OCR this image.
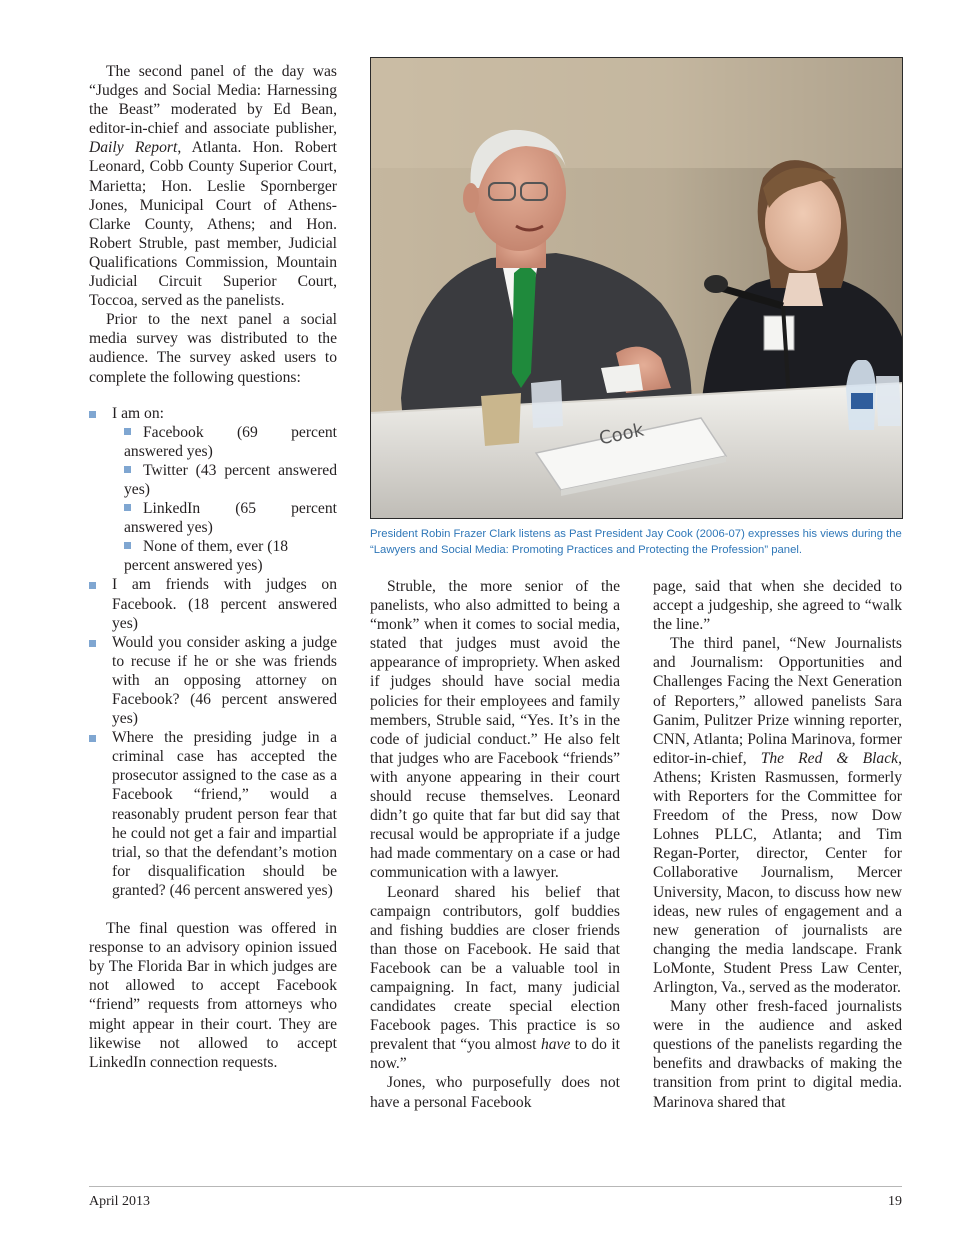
The second panel of the day was “Judges and Social Media: Harnessing the Beast” moderated by Ed Bean, editor-in-chief and associate publisher, Daily Report, Atlanta. Hon. Robert Leonard, Cobb County Superior Court, Marietta; Hon. Leslie Spornberger Jones, Municipal Court of Athens-Clarke County, Athens; and Hon. Robert Struble, past member, Judicial Qualifications Commission, Mountain Judicial Circuit Superior Court, Toccoa, served as the panelists.

Prior to the next panel a social media survey was distributed to the audience. The survey asked users to complete the following questions:

I am on:
Facebook (69 percent answered yes)
Twitter (43 percent answered yes)
LinkedIn (65 percent answered yes)
None of them, ever (18 percent answered yes)
I am friends with judges on Facebook. (18 percent answered yes)
Would you consider asking a judge to recuse if he or she was friends with an opposing attorney on Facebook? (46 percent answered yes)
Where the presiding judge in a criminal case has accepted the prosecutor assigned to the case as a Facebook “friend,” would a reasonably prudent person fear that he could not get a fair and impartial trial, so that the defendant’s motion for disqualification should be granted? (46 percent answered yes)

The final question was offered in response to an advisory opinion issued by The Florida Bar in which judges are not allowed to accept Facebook “friend” requests from attorneys who might appear in their court. They are likewise not allowed to accept LinkedIn connection requests.

Cook
President Robin Frazer Clark listens as Past President Jay Cook (2006-07) expresses his views during the “Lawyers and Social Media: Promoting Practices and Protecting the Profession” panel.

Struble, the more senior of the panelists, who also admitted to being a “monk” when it comes to social media, stated that judges must avoid the appearance of impropriety. When asked if judges should have social media policies for their employees and family members, Struble said, “Yes. It’s in the code of judicial conduct.” He also felt that judges who are Facebook “friends” with anyone appearing in their court should recuse themselves. Leonard didn’t go quite that far but did say that recusal would be appropriate if a judge had made commentary on a case or had communication with a lawyer.

Leonard shared his belief that campaign contributors, golf buddies and fishing buddies are closer friends than those on Facebook. He said that Facebook can be a valuable tool in campaigning. In fact, many judicial candidates create special election Facebook pages. This practice is so prevalent that “you almost have to do it now.”

Jones, who purposefully does not have a personal Facebook

page, said that when she decided to accept a judgeship, she agreed to “walk the line.”

The third panel, “New Journalists and Journalism: Opportunities and Challenges Facing the Next Generation of Reporters,” allowed panelists Sara Ganim, Pulitzer Prize winning reporter, CNN, Atlanta; Polina Marinova, former editor-in-chief, The Red & Black, Athens; Kristen Rasmussen, formerly with Reporters for the Committee for Freedom of the Press, now Dow Lohnes PLLC, Atlanta; and Tim Regan-Porter, director, Center for Collaborative Journalism, Mercer University, Macon, to discuss how new ideas, new rules of engagement and a new generation of journalists are changing the media landscape. Frank LoMonte, Student Press Law Center, Arlington, Va., served as the moderator.

Many other fresh-faced journalists were in the audience and asked questions of the panelists regarding the benefits and drawbacks of making the transition from print to digital media. Marinova shared that

April 2013	19
